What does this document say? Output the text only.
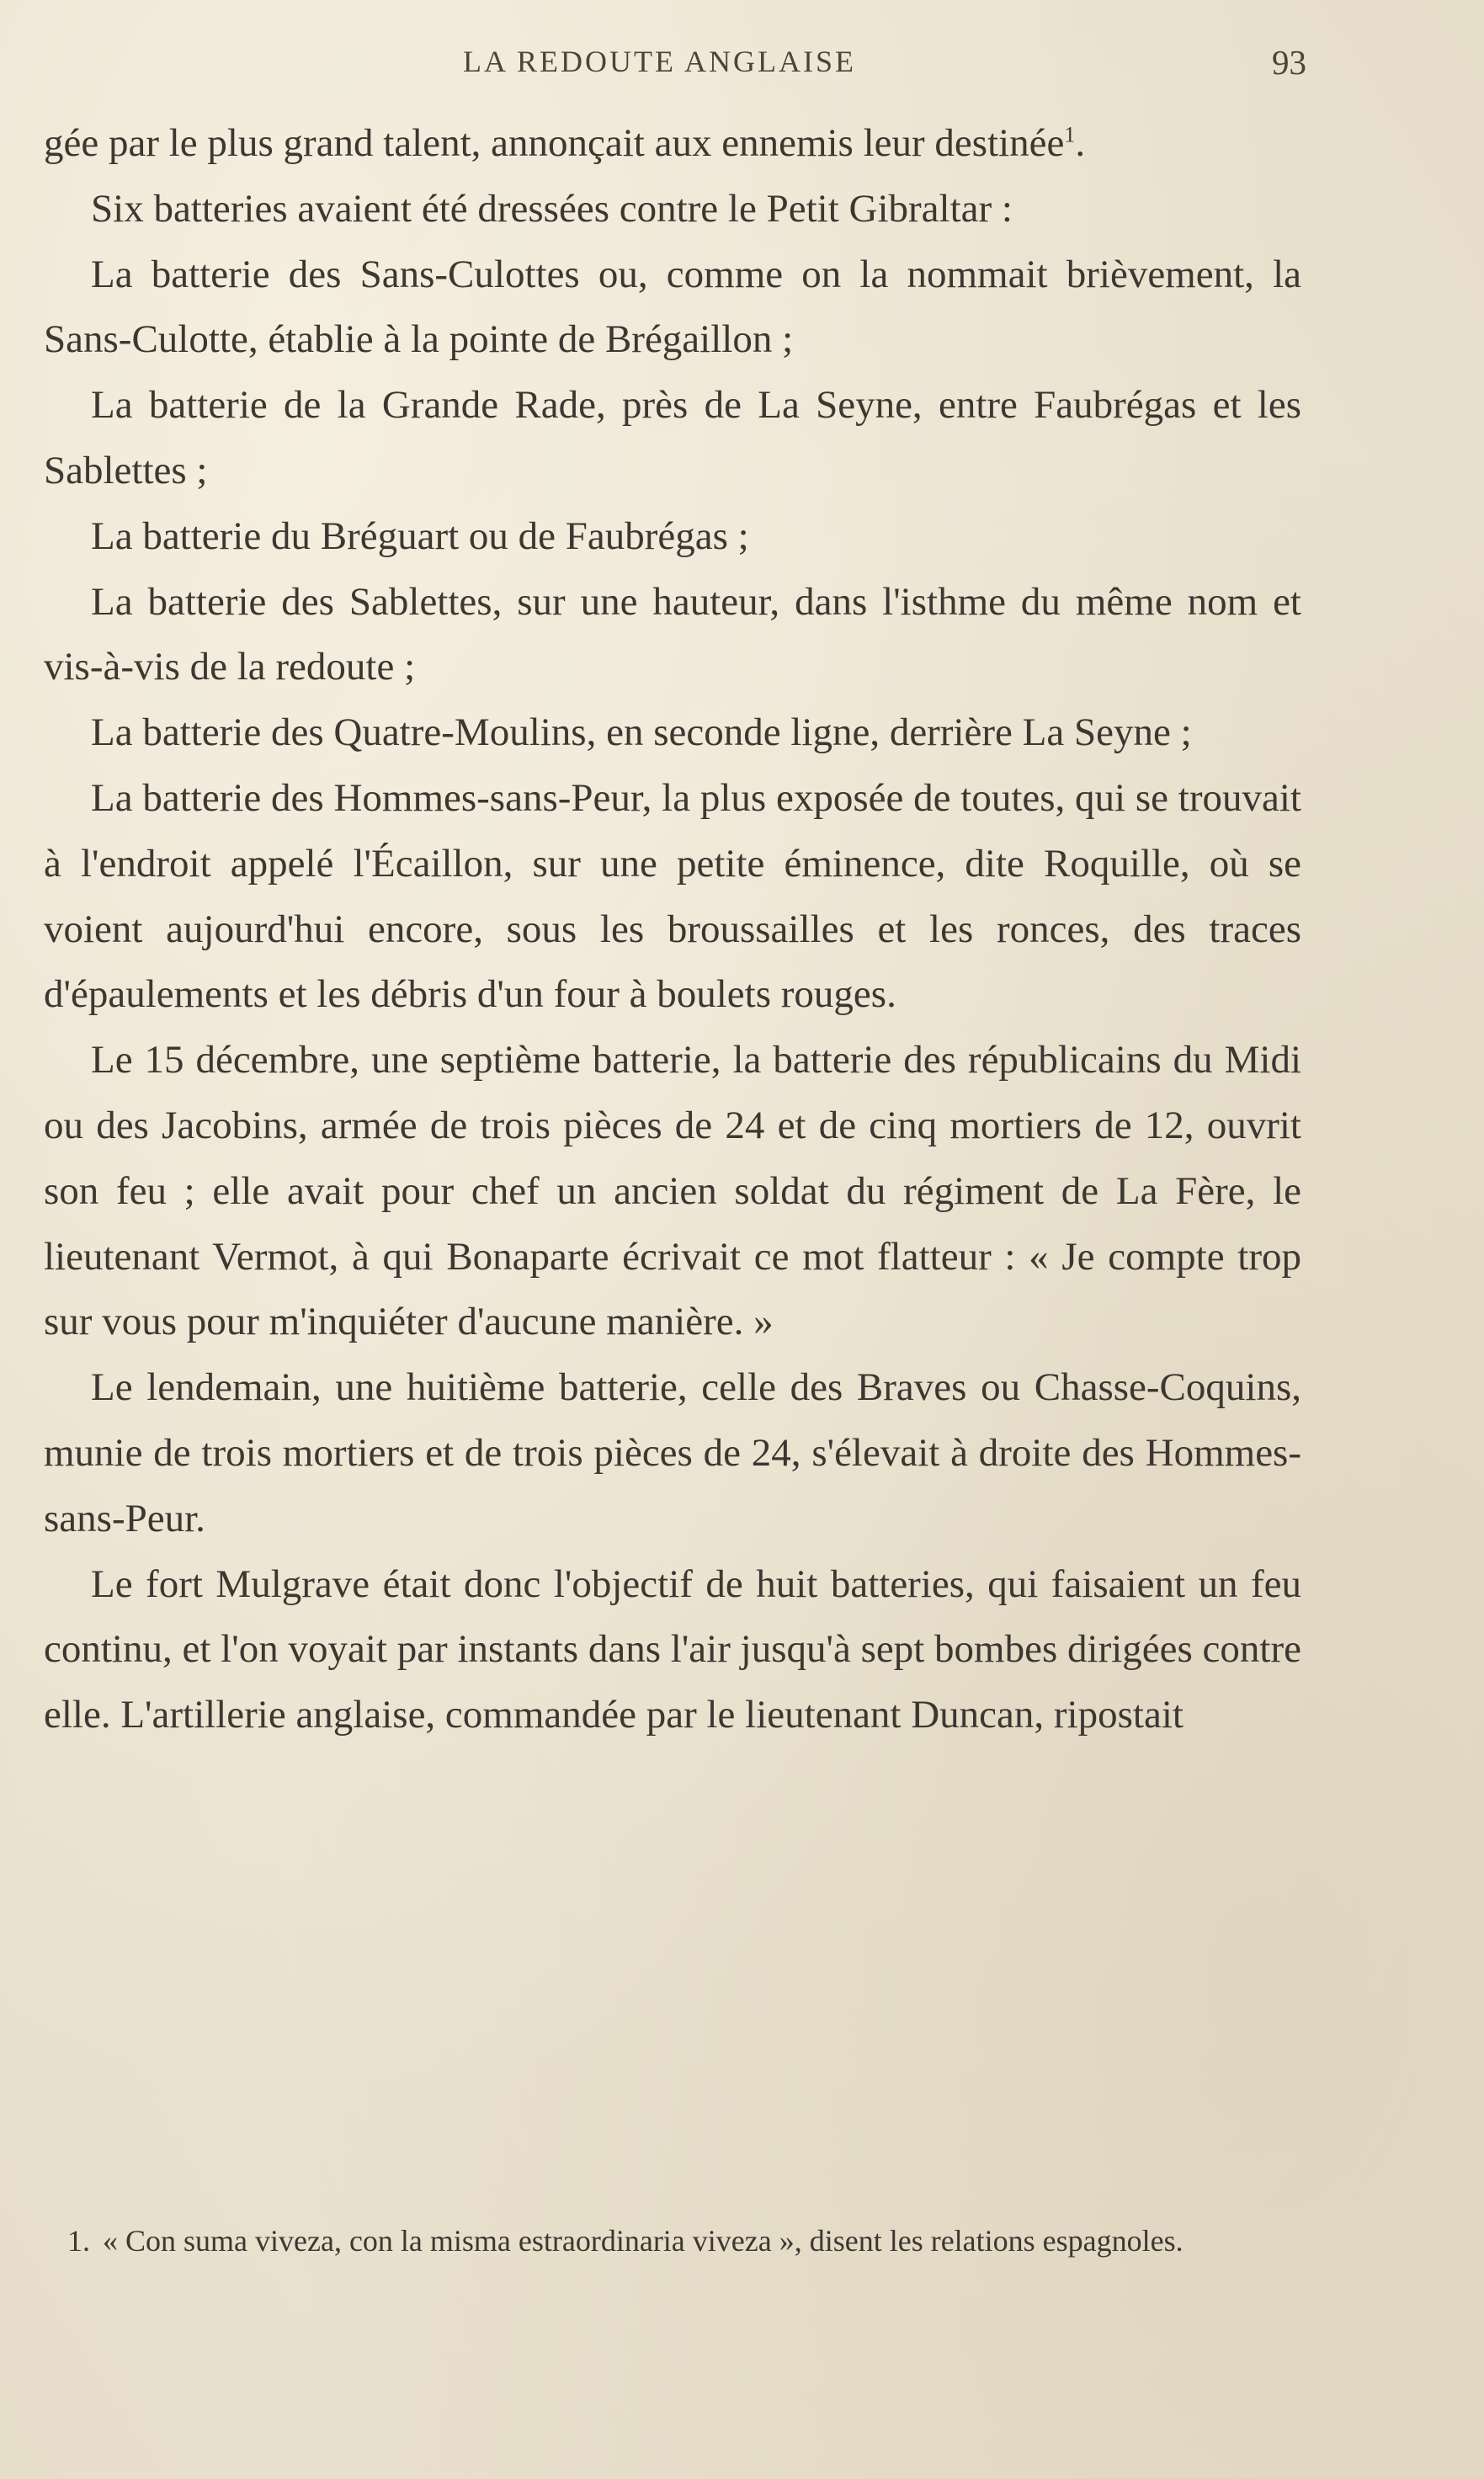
LA REDOUTE ANGLAISE	93

gée par le plus grand talent, annonçait aux ennemis leur destinée$^1$.

Six batteries avaient été dressées contre le Petit Gibraltar :

La batterie des Sans-Culottes ou, comme on la nommait brièvement, la Sans-Culotte, établie à la pointe de Brégaillon ;

La batterie de la Grande Rade, près de La Seyne, entre Faubrégas et les Sablettes ;

La batterie du Bréguart ou de Faubrégas ;

La batterie des Sablettes, sur une hauteur, dans l'isthme du même nom et vis-à-vis de la redoute ;

La batterie des Quatre-Moulins, en seconde ligne, derrière La Seyne ;

La batterie des Hommes-sans-Peur, la plus exposée de toutes, qui se trouvait à l'endroit appelé l'Écaillon, sur une petite éminence, dite Roquille, où se voient aujourd'hui encore, sous les broussailles et les ronces, des traces d'épaulements et les débris d'un four à boulets rouges.

Le 15 décembre, une septième batterie, la batterie des républicains du Midi ou des Jacobins, armée de trois pièces de 24 et de cinq mortiers de 12, ouvrit son feu ; elle avait pour chef un ancien soldat du régiment de La Fère, le lieutenant Vermot, à qui Bonaparte écrivait ce mot flatteur : « Je compte trop sur vous pour m'inquiéter d'aucune manière. »

Le lendemain, une huitième batterie, celle des Braves ou Chasse-Coquins, munie de trois mortiers et de trois pièces de 24, s'élevait à droite des Hommes-sans-Peur.

Le fort Mulgrave était donc l'objectif de huit batteries, qui faisaient un feu continu, et l'on voyait par instants dans l'air jusqu'à sept bombes dirigées contre elle. L'artillerie anglaise, commandée par le lieutenant Duncan, ripostait

1. « Con suma viveza, con la misma estraordinaria viveza », disent les relations espagnoles.
